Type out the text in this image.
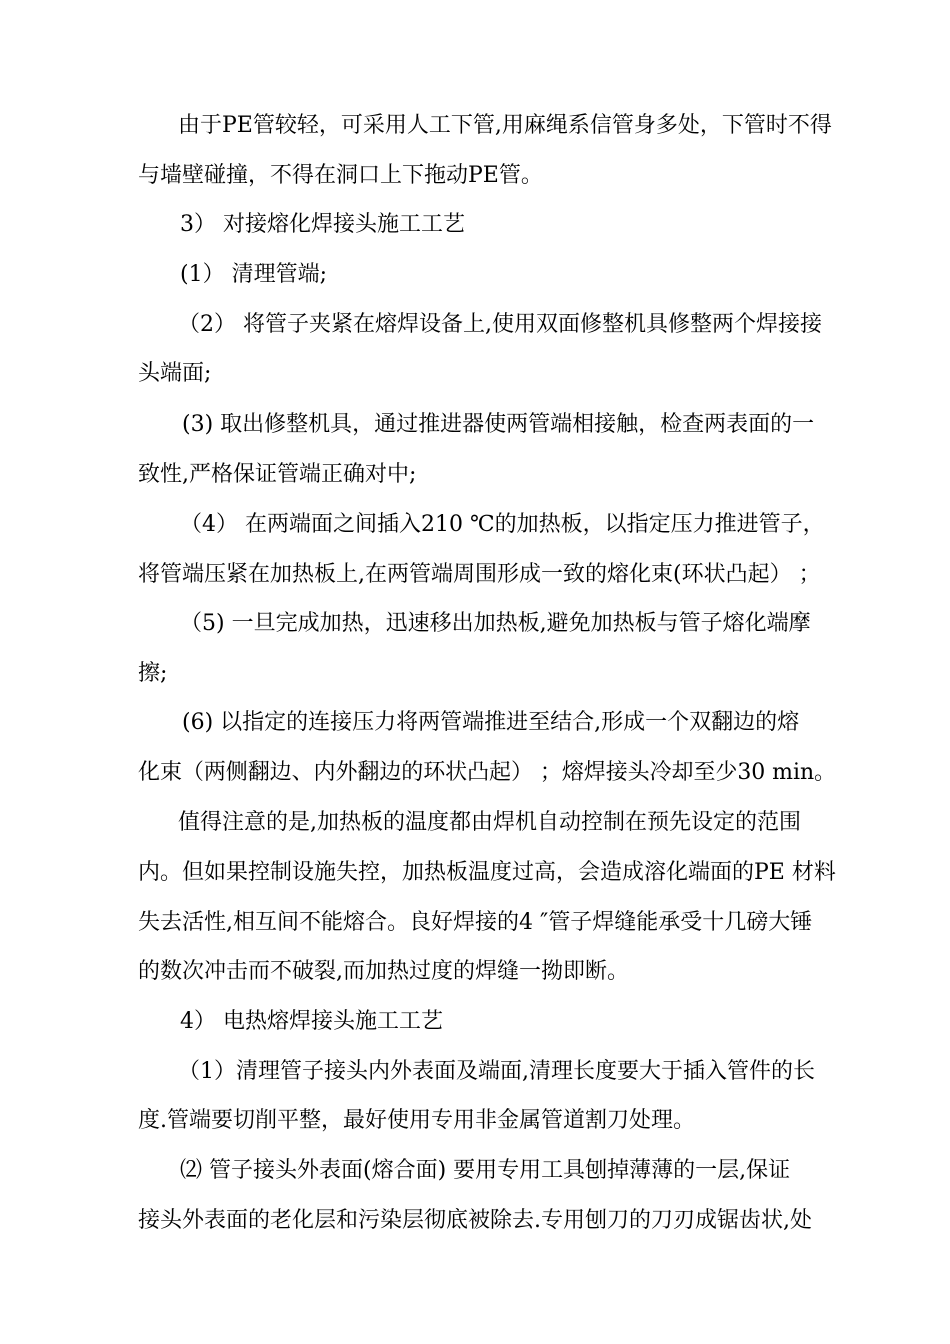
由于PE管较轻，可采用人工下管,用麻绳系信管身多处，下管时不得
与墙壁碰撞，不得在洞口上下拖动PE管。
3） 对接熔化焊接头施工工艺
(1） 清理管端;
（2） 将管子夹紧在熔焊设备上,使用双面修整机具修整两个焊接接
头端面;
(3) 取出修整机具，通过推进器使两管端相接触，检查两表面的一
致性,严格保证管端正确对中;
（4） 在两端面之间插入210 ℃的加热板，以指定压力推进管子，
将管端压紧在加热板上,在两管端周围形成一致的熔化束(环状凸起） ；
（5) 一旦完成加热，迅速移出加热板,避免加热板与管子熔化端摩
擦;
(6) 以指定的连接压力将两管端推进至结合,形成一个双翻边的熔
化束（两侧翻边、内外翻边的环状凸起） ；熔焊接头冷却至少30 min。
值得注意的是,加热板的温度都由焊机自动控制在预先设定的范围
内。但如果控制设施失控，加热板温度过高，会造成溶化端面的PE 材料
失去活性,相互间不能熔合。良好焊接的4 ″管子焊缝能承受十几磅大锤
的数次冲击而不破裂,而加热过度的焊缝一拗即断。
4） 电热熔焊接头施工工艺
（1）清理管子接头内外表面及端面,清理长度要大于插入管件的长
度.管端要切削平整，最好使用专用非金属管道割刀处理。
⑵ 管子接头外表面(熔合面) 要用专用工具刨掉薄薄的一层,保证
接头外表面的老化层和污染层彻底被除去.专用刨刀的刀刃成锯齿状,处
